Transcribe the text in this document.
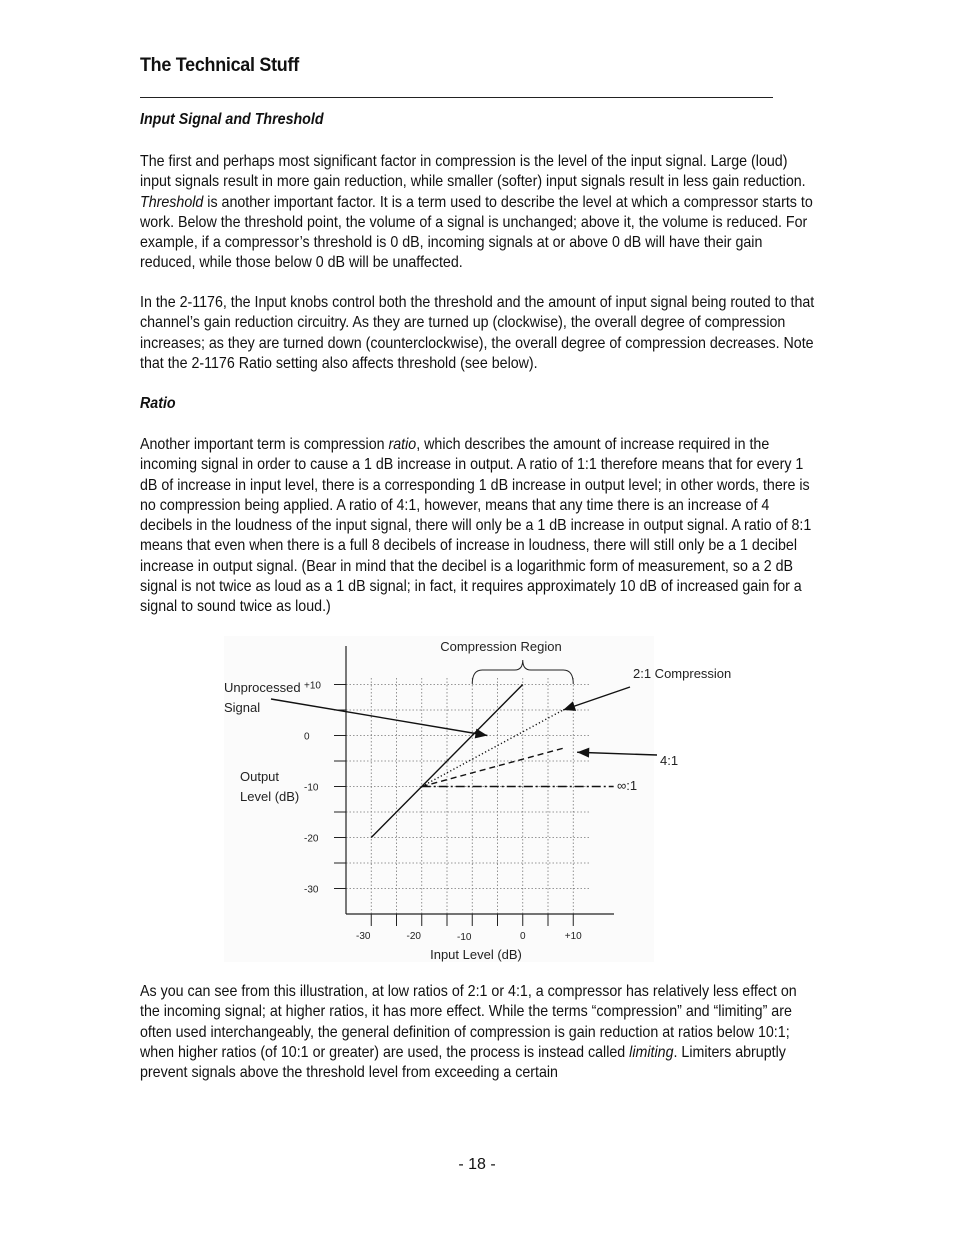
The Technical Stuff
Input Signal and Threshold

The first and perhaps most significant factor in compression is the level of the input signal. Large (loud) input signals result in more gain reduction, while smaller (softer) input signals result in less gain reduction. Threshold is another important factor. It is a term used to describe the level at which a compressor starts to work. Below the threshold point, the volume of a signal is unchanged; above it, the volume is reduced. For example, if a compressor’s threshold is 0 dB, incoming signals at or above 0 dB will have their gain reduced, while those below 0 dB will be unaffected.

In the 2-1176, the Input knobs control both the threshold and the amount of input signal being routed to that channel’s gain reduction circuitry. As they are turned up (clockwise), the overall degree of compression increases; as they are turned down (counterclockwise), the overall degree of compression decreases. Note that the 2-1176 Ratio setting also affects threshold (see below).

Ratio

Another important term is compression ratio, which describes the amount of increase required in the incoming signal in order to cause a 1 dB increase in output. A ratio of 1:1 therefore means that for every 1 dB of increase in input level, there is a corresponding 1 dB increase in output level; in other words, there is no compression being applied. A ratio of 4:1, however, means that any time there is an increase of 4 decibels in the loudness of the input signal, there will only be a 1 dB increase in output signal. A ratio of 8:1 means that even when there is a full 8 decibels of increase in loudness, there will still only be a 1 decibel increase in output signal. (Bear in mind that the decibel is a logarithmic form of measurement, so a 2 dB signal is not twice as loud as a 1 dB signal; in fact, it requires approximately 10 dB of increased gain for a signal to sound twice as loud.)

+10
0
-10
-20
-30
-30	-20	-10	0	+10
Compression Region
Unprocessed
Signal
2:1 Compression
4:1
∞:1
Output
Level (dB)
Input Level (dB)

As you can see from this illustration, at low ratios of 2:1 or 4:1, a compressor has relatively less effect on the incoming signal; at higher ratios, it has more effect. While the terms “compression” and “limiting” are often used interchangeably, the general definition of compression is gain reduction at ratios below 10:1; when higher ratios (of 10:1 or greater) are used, the process is instead called limiting. Limiters abruptly prevent signals above the threshold level from exceeding a certain

- 18 -
